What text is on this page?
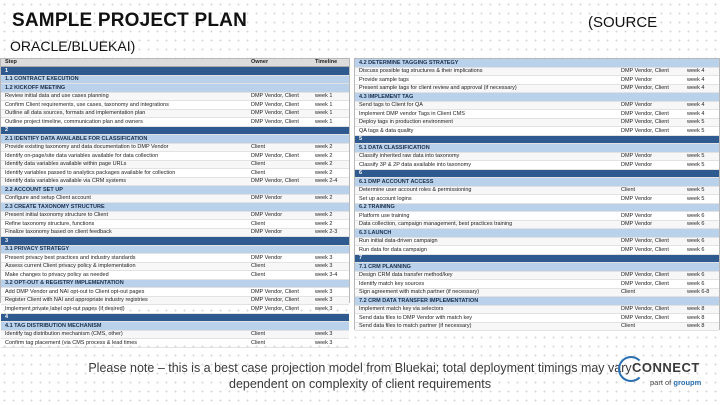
SAMPLE PROJECT PLAN	(SOURCE
ORACLE/BLUEKAI)
Step	Owner	Timeline
1
1.1 CONTRACT EXECUTION
1.2 KICKOFF MEETING
Review initial data and use cases planning	DMP Vendor, Client	week 1
Confirm Client requirements, use cases, taxonomy and integrations	DMP Vendor, Client	week 1
Outline all data sources, formats and implementation plan	DMP Vendor, Client	week 1
Outline project timeline, communication plan and owners	DMP Vendor, Client	week 1
2
2.1 IDENTIFY DATA AVAILABLE FOR CLASSIFICATION
Provide existing taxonomy and data documentation to DMP Vendor	Client	week 2
Identify on-page/site data variables available for data collection	DMP Vendor, Client	week 2
Identify data variables available within page URLs	Client	week 2
Identify variables passed to analytics packages available for collection	Client	week 2
Identify data variables available via CRM systems	DMP Vendor, Client	week 2-4
2.2 ACCOUNT SET UP
Configure and setup Client account	DMP Vendor	week 2
2.3 CREATE TAXONOMY STRUCTURE
Present initial taxonomy structure to Client	DMP Vendor	week 2
Refine taxonomy structure, functions	Client	week 2
Finalize taxonomy based on client feedback	DMP Vendor	week 2-3
3
3.1 PRIVACY STRATEGY
Present privacy best practices and industry standards	DMP Vendor	week 3
Assess current Client privacy policy & implementation	Client	week 3
Make changes to privacy policy as needed	Client	week 3-4
3.2 OPT-OUT & REGISTRY IMPLEMENTATION
Add DMP Vendor and NAI opt-out to Client opt-out pages	DMP Vendor, Client	week 3
Register Client with NAI and appropriate industry registries	DMP Vendor, Client	week 3
Implement private label opt-out pages (if desired)	DMP Vendor, Client	week 3
4
4.1 TAG DISTRIBUTION MECHANISM
Identify tag distribution mechanism (CMS, other)	Client	week 3
Confirm tag placement (via CMS process & lead times	Client	week 3
4.2 DETERMINE TAGGING STRATEGY
Discuss possible tag structures & their implications	DMP Vendor, Client	week 4
Provide sample tags	DMP Vendor	week 4
Present sample tags for client review and approval (if necessary)	DMP Vendor, Client	week 4
4.3 IMPLEMENT TAG
Send tags to Client for QA	DMP Vendor	week 4
Implement DMP vendor Tags in Client CMS	DMP Vendor, Client	week 4
Deploy tags in production environment	DMP Vendor, Client	week 5
QA tags & data quality	DMP Vendor, Client	week 5
5
5.1 DATA CLASSIFICATION
Classify inherited raw data into taxonomy	DMP Vendor	week 5
Classify 3P & 2P data available into taxonomy	DMP Vendor	week 5
6
6.1 DMP ACCOUNT ACCESS
Determine user account roles & permissioning	Client	week 5
Set up account logins	DMP Vendor	week 5
6.2 TRAINING
Platform use training	DMP Vendor	week 6
Data collection, campaign management, best practices training	DMP Vendor	week 6
6.3 LAUNCH
Run initial data-driven campaign	DMP Vendor, Client	week 6
Run data for data campaign	DMP Vendor, Client	week 6
7
7.1 CRM PLANNING
Design CRM data transfer method/key	DMP Vendor, Client	week 6
Identify match key sources	DMP Vendor, Client	week 6
Sign agreement with match partner (if necessary)	Client	week 6-8
7.2 CRM DATA TRANSFER IMPLEMENTATION
Implement match key via selectors	DMP Vendor, Client	week 8
Send data files to DMP Vendor with match key	DMP Vendor, Client	week 8
Send data files to match partner (if necessary)	Client	week 8
Please note – this is a best case projection model from Bluekai; total deployment timings may vary
dependent on complexity of client requirements
CONNECT
part of groupm
